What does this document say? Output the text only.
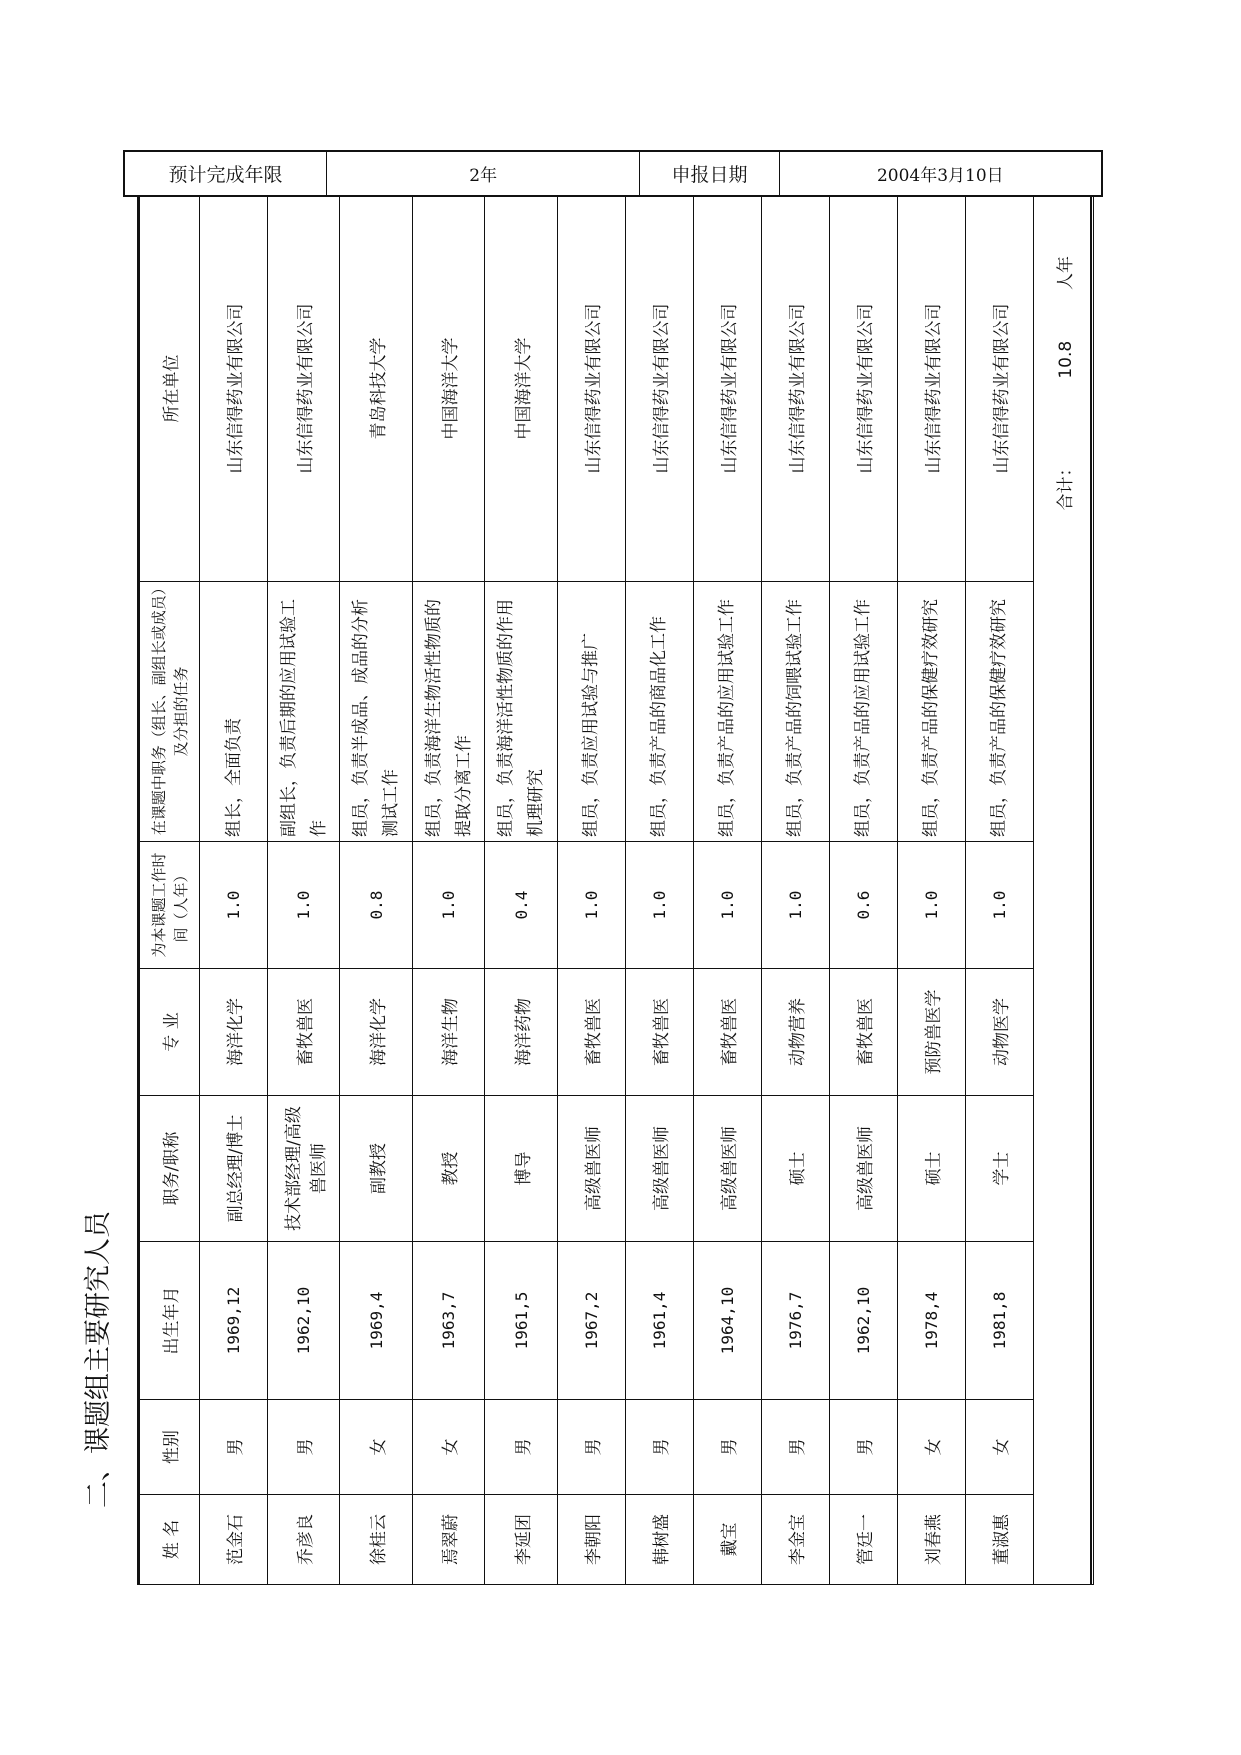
预计完成年限	2年	申报日期	2004年3月10日
二、课题组主要研究人员
姓 名	性别	出生年月	职务/职称	专 业	为本课题工作时间（人年）	在课题中职务（组长、副组长或成员）及分担的任务	所在单位
范金石	男	1969,12	副总经理/博士	海洋化学	1.0	组长，全面负责	山东信得药业有限公司
乔彦良	男	1962,10	技术部经理/高级兽医师	畜牧兽医	1.0	副组长，负责后期的应用试验工作	山东信得药业有限公司
徐桂云	女	1969,4	副教授	海洋化学	0.8	组员，负责半成品、成品的分析测试工作	青岛科技大学
焉翠蔚	女	1963,7	教授	海洋生物	1.0	组员，负责海洋生物活性物质的提取分离工作	中国海洋大学
李延团	男	1961,5	博导	海洋药物	0.4	组员，负责海洋活性物质的作用机理研究	中国海洋大学
李朝阳	男	1967,2	高级兽医师	畜牧兽医	1.0	组员，负责应用试验与推广	山东信得药业有限公司
韩树盛	男	1961,4	高级兽医师	畜牧兽医	1.0	组员，负责产品的商品化工作	山东信得药业有限公司
戴宝	男	1964,10	高级兽医师	畜牧兽医	1.0	组员，负责产品的应用试验工作	山东信得药业有限公司
李金宝	男	1976,7	硕士	动物营养	1.0	组员，负责产品的饲喂试验工作	山东信得药业有限公司
管廷一	男	1962,10	高级兽医师	畜牧兽医	0.6	组员，负责产品的应用试验工作	山东信得药业有限公司
刘春燕	女	1978,4	硕士	预防兽医学	1.0	组员，负责产品的保健疗效研究	山东信得药业有限公司
董淑惠	女	1981,8	学士	动物医学	1.0	组员，负责产品的保健疗效研究	山东信得药业有限公司
合计：  10.8  人年							
